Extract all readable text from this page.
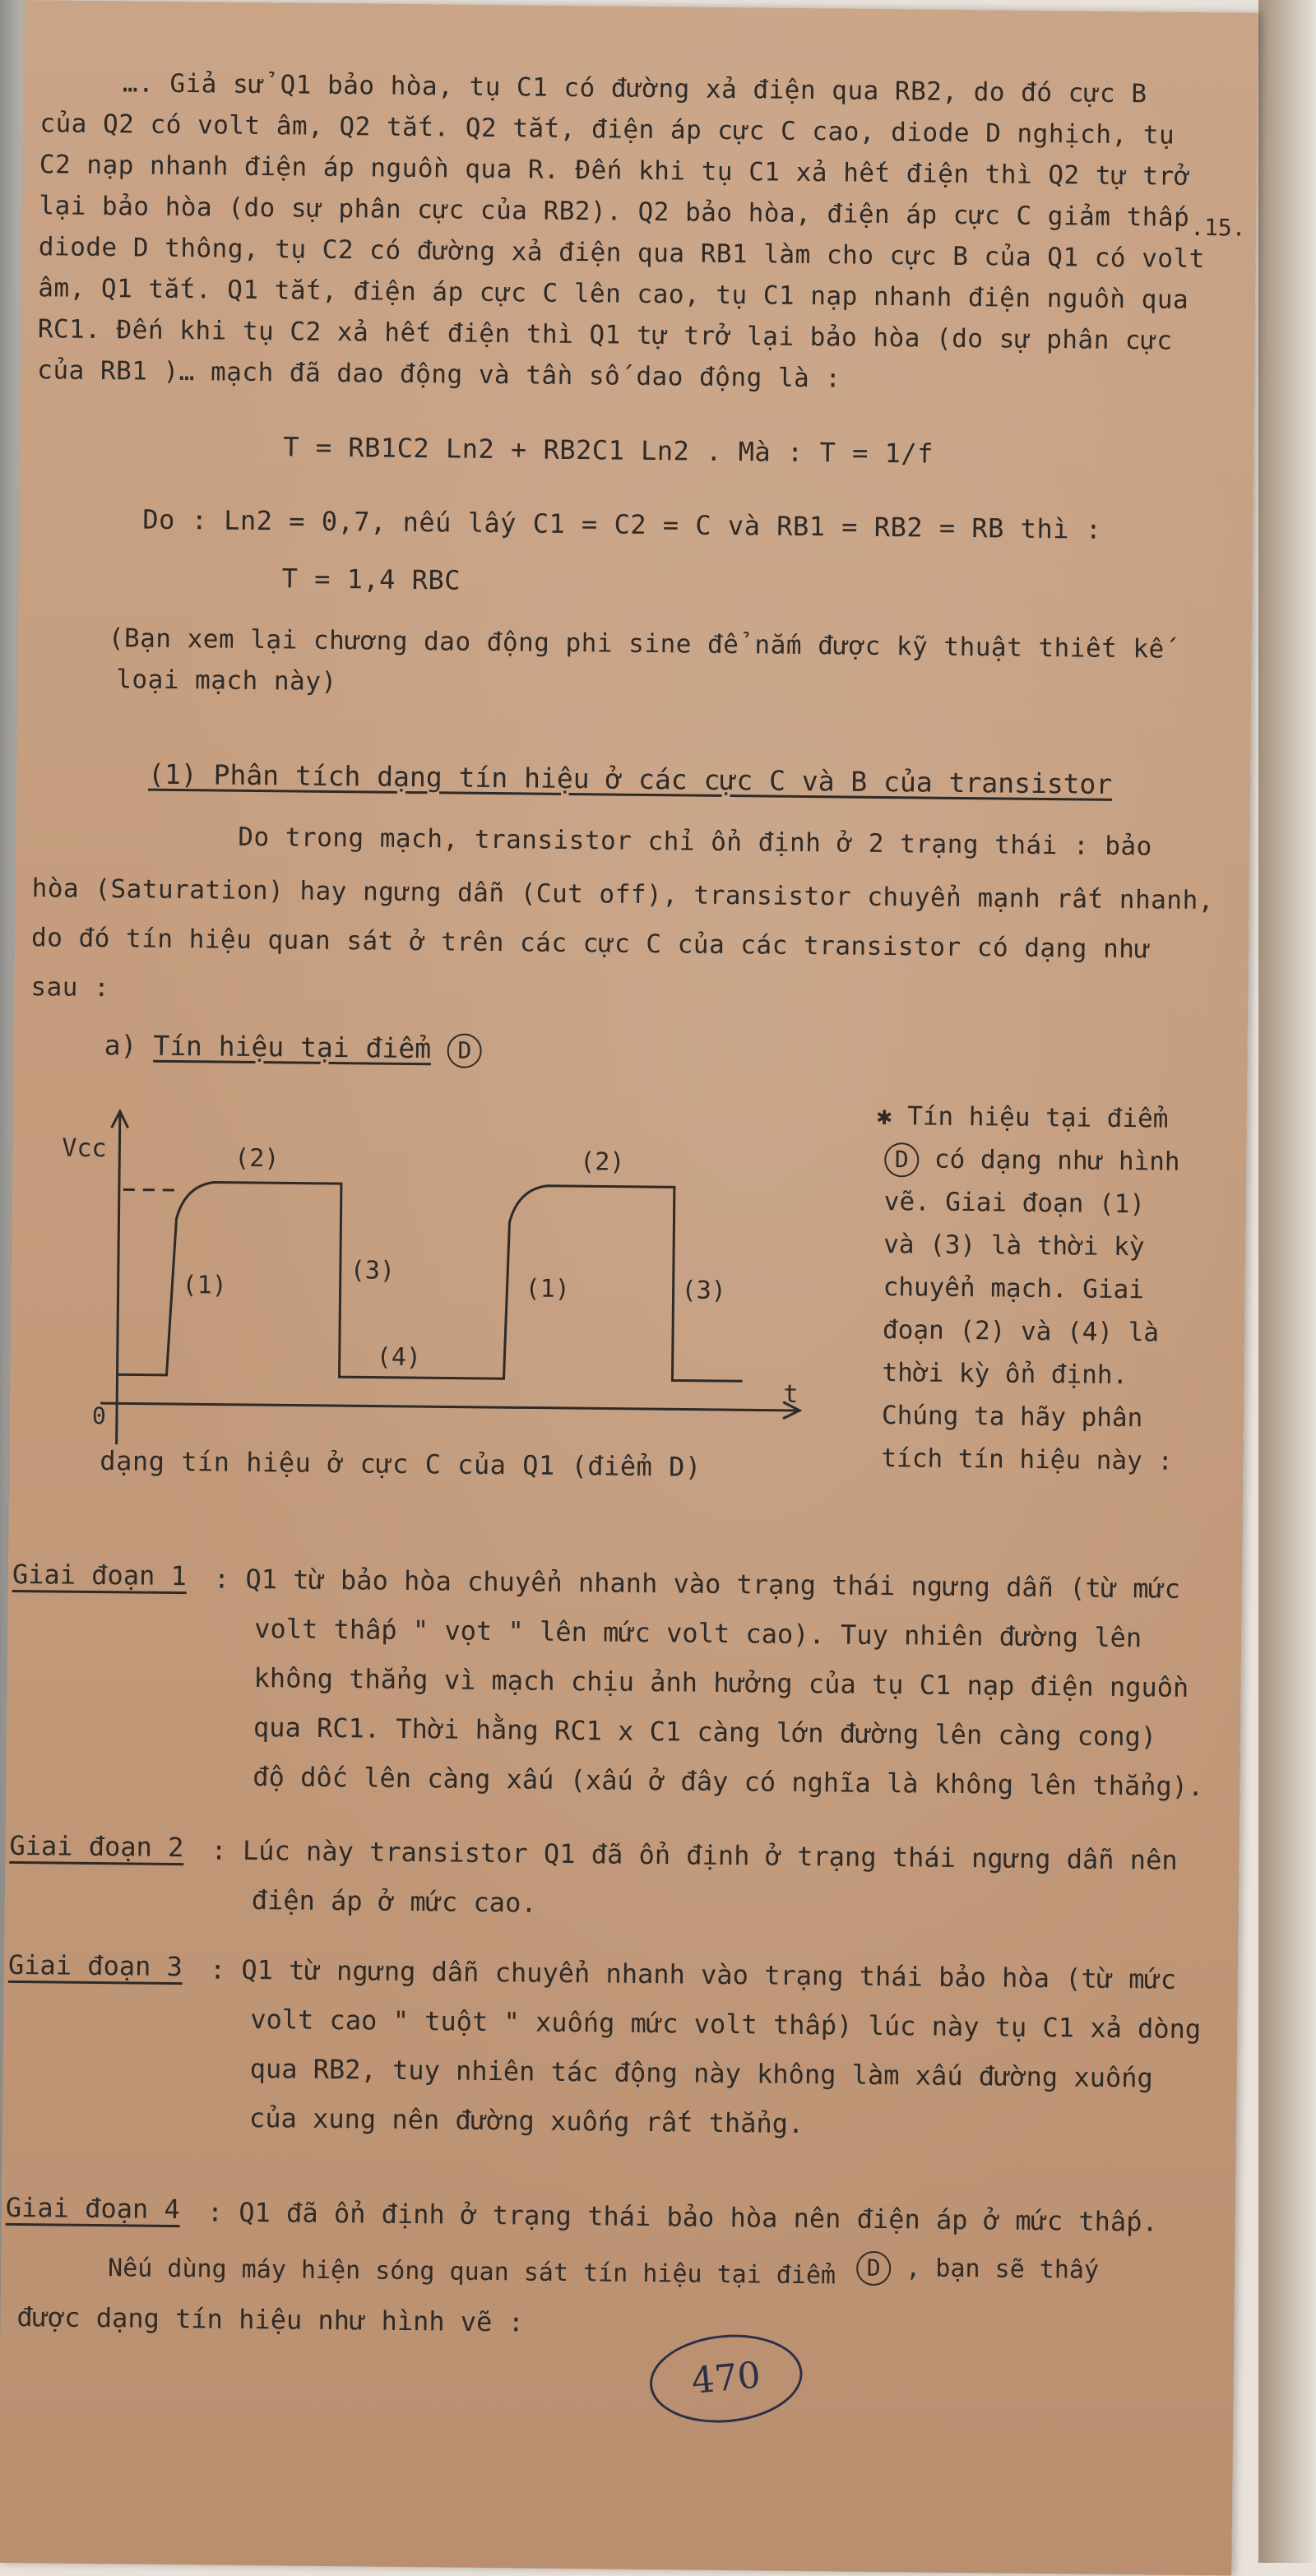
.15.
…. Giả sử Q1 bảo hòa, tụ C1 có đường xả điện qua RB2, do đó cực B
của Q2 có volt âm, Q2 tắt. Q2 tắt, điện áp cực C cao, diode D nghịch, tụ
C2 nạp nhanh điện áp nguồn qua R. Đến khi tụ C1 xả hết điện thì Q2 tự trở
lại bảo hòa (do sự phân cực của RB2). Q2 bảo hòa, điện áp cực C giảm thấp
diode D thông, tụ C2 có đường xả điện qua RB1 làm cho cực B của Q1 có volt
âm, Q1 tắt. Q1 tắt, điện áp cực C lên cao, tụ C1 nạp nhanh điện nguồn qua
RC1. Đến khi tụ C2 xả hết điện thì Q1 tự trở lại bảo hòa (do sự phân cực
của RB1 )… mạch đã dao động và tần số dao động là :
T = RB1C2 Ln2 + RB2C1 Ln2 . Mà : T = 1/f
Do : Ln2 = 0,7, nếu lấy C1 = C2 = C và RB1 = RB2 = RB thì :
T = 1,4 RBC
(Bạn xem lại chương dao động phi sine để nắm được kỹ thuật thiết kế
loại mạch này)
(1) Phân tích dạng tín hiệu ở các cực C và B của transistor
Do trong mạch, transistor chỉ ổn định ở 2 trạng thái : bảo
hòa (Saturation) hay ngưng dẫn (Cut off), transistor chuyển mạnh rất nhanh,
do đó tín hiệu quan sát ở trên các cực C của các transistor có dạng như
sau :
a) Tín hiệu tại điểm D
Vcc
0
t
(1)
(2)
(3)
(4)
(1)
(2)
(3)
dạng tín hiệu ở cực C của Q1 (điểm D)
✱ Tín hiệu tại điểm
D có dạng như hình
vẽ. Giai đoạn (1)
và (3) là thời kỳ
chuyển mạch. Giai
đoạn (2) và (4) là
thời kỳ ổn định.
Chúng ta hãy phân
tích tín hiệu này :
Giai đoạn 1 : Q1 từ bảo hòa chuyển nhanh vào trạng thái ngưng dẫn (từ mức
volt thấp " vọt " lên mức volt cao). Tuy nhiên đường lên
không thẳng vì mạch chịu ảnh hưởng của tụ C1 nạp điện nguồn
qua RC1. Thời hằng RC1 x C1 càng lớn đường lên càng cong)
độ dốc lên càng xấu (xấu ở đây có nghĩa là không lên thẳng).
Giai đoạn 2 : Lúc này transistor Q1 đã ổn định ở trạng thái ngưng dẫn nên
điện áp ở mức cao.
Giai đoạn 3 : Q1 từ ngưng dẫn chuyển nhanh vào trạng thái bảo hòa (từ mức
volt cao " tuột " xuống mức volt thấp) lúc này tụ C1 xả dòng
qua RB2, tuy nhiên tác động này không làm xấu đường xuống
của xung nên đường xuống rất thẳng.
Giai đoạn 4 : Q1 đã ổn định ở trạng thái bảo hòa nên điện áp ở mức thấp.
D , bạn sẽ thấy
Nếu dùng máy hiện sóng quan sát tín hiệu tại điểm
được dạng tín hiệu như hình vẽ :
470
